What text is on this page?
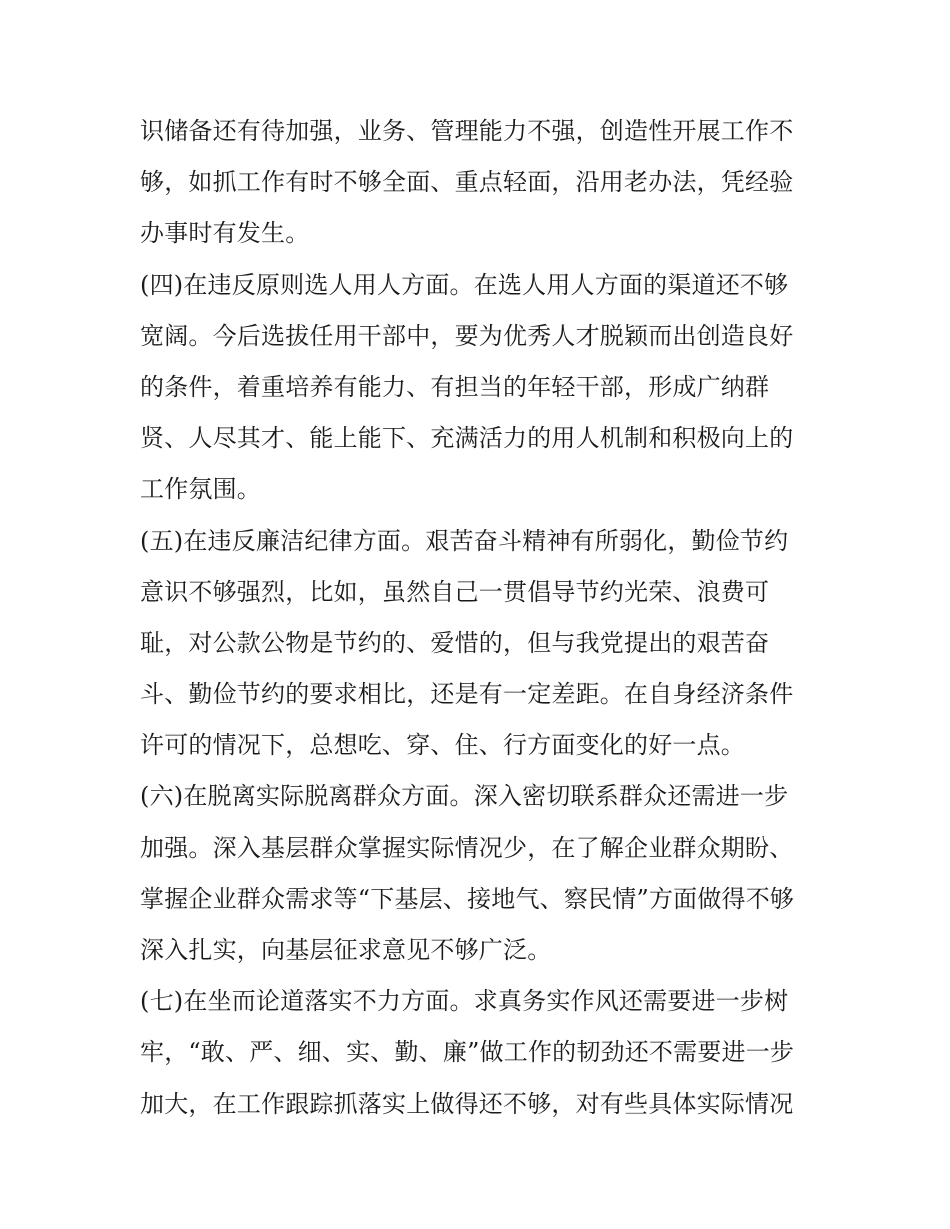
识储备还有待加强，业务、管理能力不强，创造性开展工作不
够，如抓工作有时不够全面、重点轻面，沿用老办法，凭经验
办事时有发生。
(四)在违反原则选人用人方面。在选人用人方面的渠道还不够
宽阔。今后选拔任用干部中，要为优秀人才脱颖而出创造良好
的条件，着重培养有能力、有担当的年轻干部，形成广纳群
贤、人尽其才、能上能下、充满活力的用人机制和积极向上的
工作氛围。
(五)在违反廉洁纪律方面。艰苦奋斗精神有所弱化，勤俭节约
意识不够强烈，比如，虽然自己一贯倡导节约光荣、浪费可
耻，对公款公物是节约的、爱惜的，但与我党提出的艰苦奋
斗、勤俭节约的要求相比，还是有一定差距。在自身经济条件
许可的情况下，总想吃、穿、住、行方面变化的好一点。
(六)在脱离实际脱离群众方面。深入密切联系群众还需进一步
加强。深入基层群众掌握实际情况少，在了解企业群众期盼、
掌握企业群众需求等“下基层、接地气、察民情”方面做得不够
深入扎实，向基层征求意见不够广泛。
(七)在坐而论道落实不力方面。求真务实作风还需要进一步树
牢，“敢、严、细、实、勤、廉”做工作的韧劲还不需要进一步
加大，在工作跟踪抓落实上做得还不够，对有些具体实际情况
